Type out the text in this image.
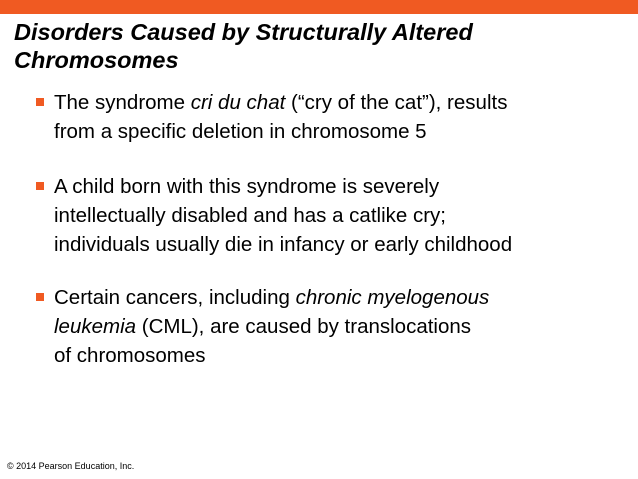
Disorders Caused by Structurally Altered
Chromosomes
The syndrome cri du chat (“cry of the cat”), results
from a specific deletion in chromosome 5
A child born with this syndrome is severely
intellectually disabled and has a catlike cry;
individuals usually die in infancy or early childhood
Certain cancers, including chronic myelogenous
leukemia (CML), are caused by translocations
of chromosomes
© 2014 Pearson Education, Inc.
